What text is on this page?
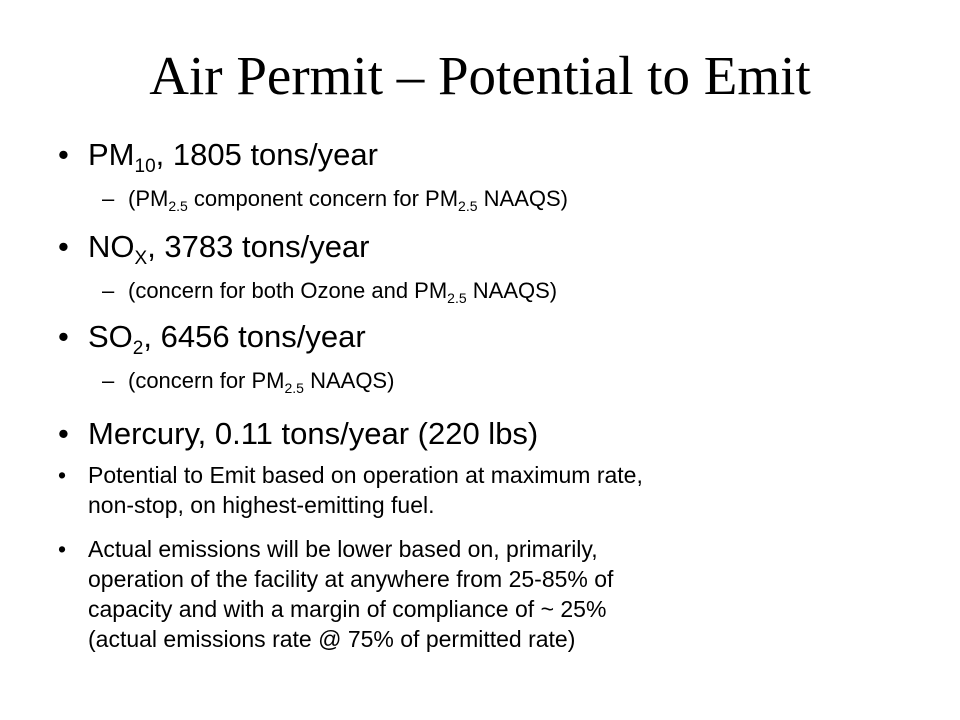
Air Permit – Potential to Emit

• $PM_{10}$, 1805 tons/year

– ($PM_{2.5}$ component concern for $PM_{2.5}$ NAAQS)

• $NO_X$, 3783 tons/year

– (concern for both Ozone and $PM_{2.5}$ NAAQS)

• $SO_2$, 6456 tons/year

– (concern for $PM_{2.5}$ NAAQS)

• Mercury, 0.11 tons/year (220 lbs)

• Potential to Emit based on operation at maximum rate,
non-stop, on highest-emitting fuel.
• Actual emissions will be lower based on, primarily,
operation of the facility at anywhere from 25-85% of
capacity and with a margin of compliance of ~ 25%
(actual emissions rate @ 75% of permitted rate)
